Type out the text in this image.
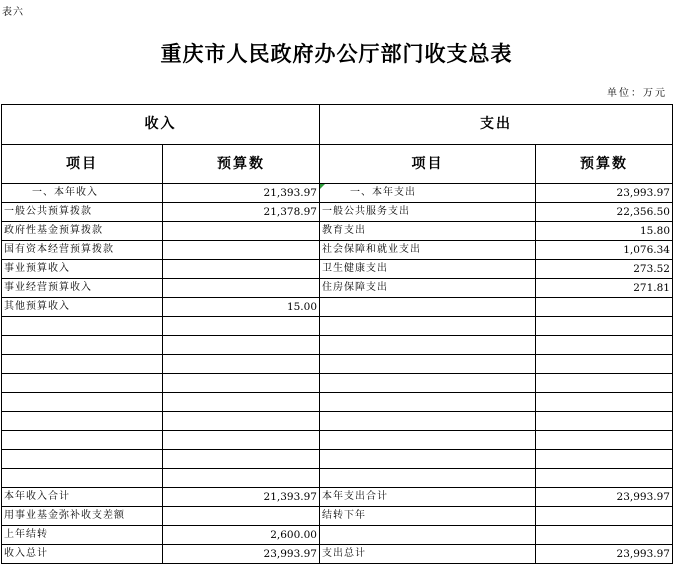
表六
重庆市人民政府办公厅部门收支总表
单位：万元
收入		支出	
项目	预算数	项目	预算数
一、本年收入	21,393.97	一、本年支出	23,993.97
一般公共预算拨款	21,378.97	一般公共服务支出	22,356.50
政府性基金预算拨款		教育支出	15.80
国有资本经营预算拨款		社会保障和就业支出	1,076.34
事业预算收入		卫生健康支出	273.52
事业经营预算收入		住房保障支出	271.81
其他预算收入	15.00		

本年收入合计	21,393.97	本年支出合计	23,993.97
用事业基金弥补收支差额		结转下年	
上年结转	2,600.00		
收入总计	23,993.97	支出总计	23,993.97
